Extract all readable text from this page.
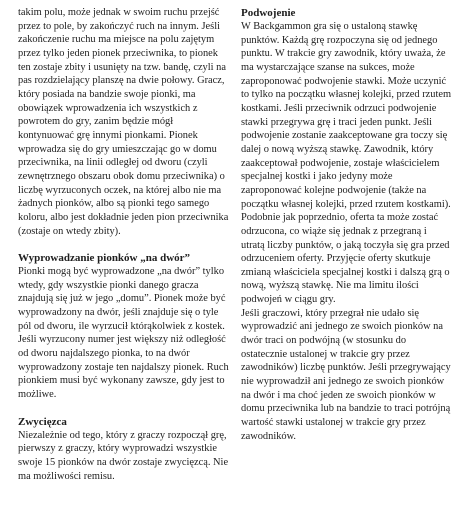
takim polu, może jednak w swoim ruchu przejść przez to pole, by zakończyć ruch na innym. Jeśli zakończenie ruchu ma miejsce na polu zajętym przez tylko jeden pionek przeciwnika, to pionek ten zostaje zbity i usunięty na tzw. bandę, czyli na pas rozdzielający planszę na dwie połowy. Gracz, który posiada na bandzie swoje pionki, ma obowiązek wprowadzenia ich wszystkich z powrotem do gry, zanim będzie mógł kontynuować grę innymi pionkami. Pionek wprowadza się do gry umieszczając go w domu przeciwnika, na linii odległej od dworu (czyli zewnętrznego obszaru obok domu przeciwnika) o liczbę wyrzuconych oczek, na której albo nie ma żadnych pionków, albo są pionki tego samego koloru, albo jest dokładnie jeden pion przeciwnika (zostaje on wtedy zbity).

Wyprowadzanie pionków „na dwór”

Pionki mogą być wyprowadzone „na dwór” tylko wtedy, gdy wszystkie pionki danego gracza znajdują się już w jego „domu”. Pionek może być wyprowadzony na dwór, jeśli znajduje się o tyle pól od dworu, ile wyrzucił którąkolwiek z kostek. Jeśli wyrzucony numer jest większy niż odległość od dworu najdalszego pionka, to na dwór wyprowadzony zostaje ten najdalszy pionek. Ruch pionkiem musi być wykonany zawsze, gdy jest to możliwe.

Zwycięzca

Niezależnie od tego, który z graczy rozpoczął grę, pierwszy z graczy, który wyprowadzi wszystkie swoje 15 pionków na dwór zostaje zwycięzcą. Nie ma możliwości remisu.

Podwojenie

W Backgammon gra się o ustaloną stawkę punktów. Każdą grę rozpoczyna się od jednego punktu. W trakcie gry zawodnik, który uważa, że ma wystarczające szanse na sukces, może zaproponować podwojenie stawki. Może uczynić to tylko na początku własnej kolejki, przed rzutem kostkami. Jeśli przeciwnik odrzuci podwojenie stawki przegrywa grę i traci jeden punkt. Jeśli podwojenie zostanie zaakceptowane gra toczy się dalej o nową wyższą stawkę. Zawodnik, który zaakceptował podwojenie, zostaje właścicielem specjalnej kostki i jako jedyny może zaproponować kolejne podwojenie (także na początku własnej kolejki, przed rzutem kostkami). Podobnie jak poprzednio, oferta ta może zostać odrzucona, co wiąże się jednak z przegraną i utratą liczby punktów, o jaką toczyła się gra przed odrzuceniem oferty. Przyjęcie oferty skutkuje zmianą właściciela specjalnej kostki i dalszą grą o nową, wyższą stawkę. Nie ma limitu ilości podwojeń w ciągu gry.

Jeśli graczowi, który przegrał nie udało się wyprowadzić ani jednego ze swoich pionków na dwór traci on podwójną (w stosunku do ostatecznie ustalonej w trakcie gry przez zawodników) liczbę punktów. Jeśli przegrywający nie wyprowadził ani jednego ze swoich pionków na dwór i ma choć jeden ze swoich pionków w domu przeciwnika lub na bandzie to traci potrójną wartość stawki ustalonej w trakcie gry przez zawodników.
